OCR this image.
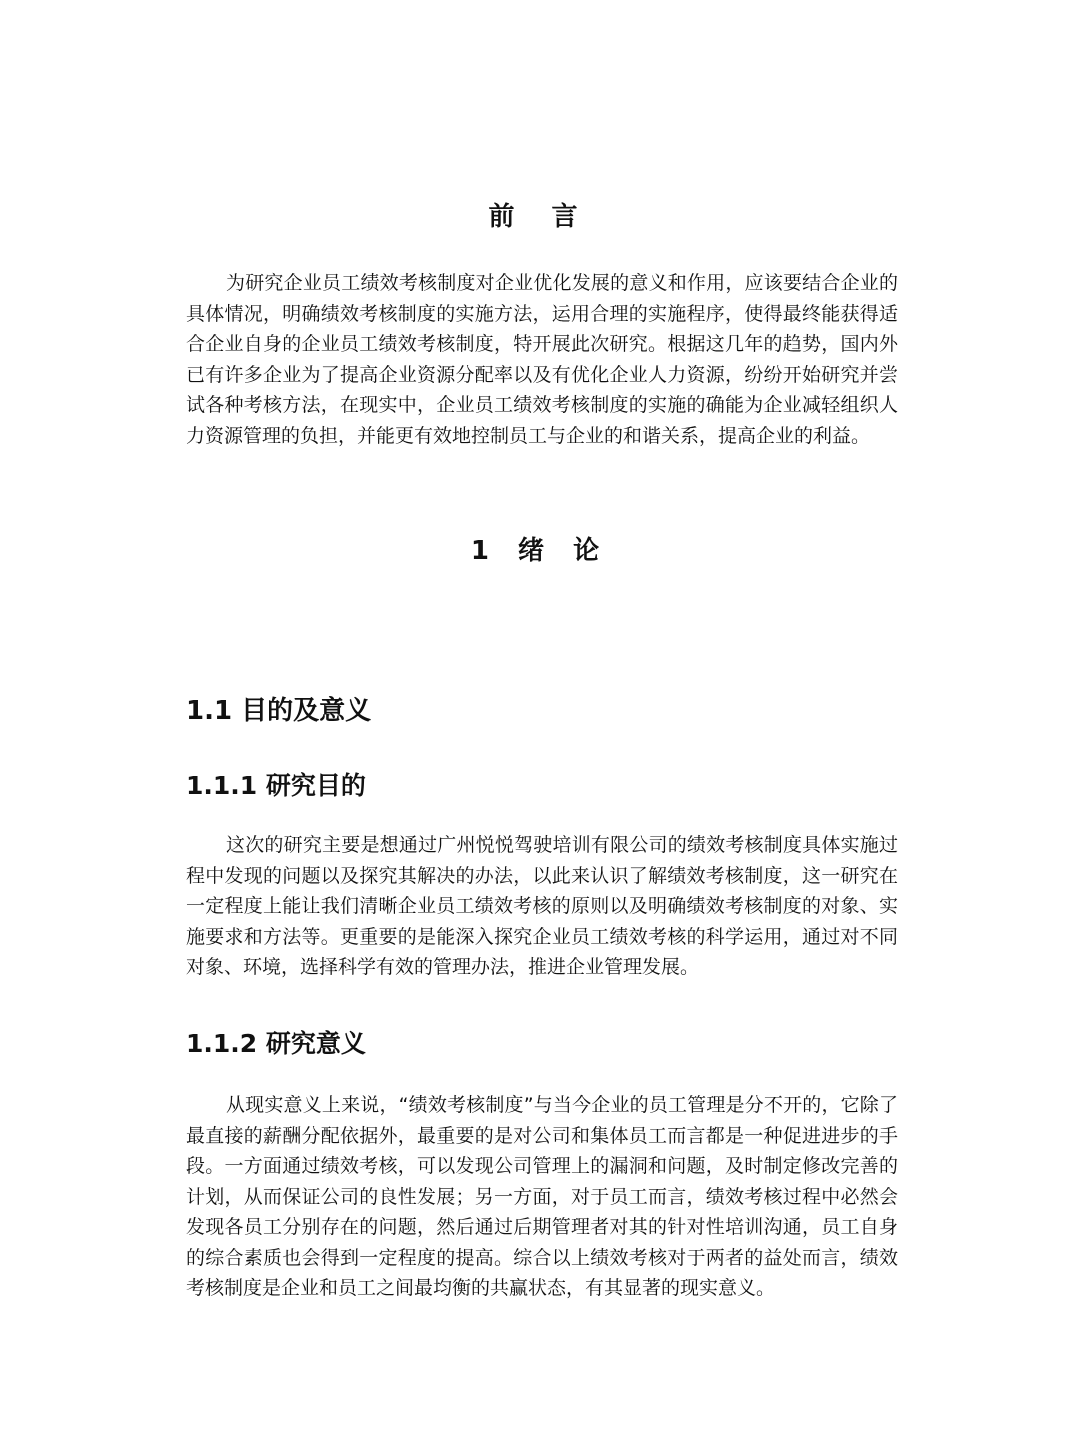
前 言

为研究企业员工绩效考核制度对企业优化发展的意义和作用，应该要结合企业的具体情况，明确绩效考核制度的实施方法，运用合理的实施程序，使得最终能获得适合企业自身的企业员工绩效考核制度，特开展此次研究。根据这几年的趋势，国内外已有许多企业为了提高企业资源分配率以及有优化企业人力资源，纷纷开始研究并尝试各种考核方法，在现实中，企业员工绩效考核制度的实施的确能为企业减轻组织人力资源管理的负担，并能更有效地控制员工与企业的和谐关系，提高企业的利益。

1 绪 论
1.1 目的及意义
1.1.1 研究目的

这次的研究主要是想通过广州悦悦驾驶培训有限公司的绩效考核制度具体实施过程中发现的问题以及探究其解决的办法，以此来认识了解绩效考核制度，这一研究在一定程度上能让我们清晰企业员工绩效考核的原则以及明确绩效考核制度的对象、实施要求和方法等。更重要的是能深入探究企业员工绩效考核的科学运用，通过对不同对象、环境，选择科学有效的管理办法，推进企业管理发展。

1.1.2 研究意义

从现实意义上来说，“绩效考核制度”与当今企业的员工管理是分不开的，它除了最直接的薪酬分配依据外，最重要的是对公司和集体员工而言都是一种促进进步的手段。一方面通过绩效考核，可以发现公司管理上的漏洞和问题，及时制定修改完善的计划，从而保证公司的良性发展；另一方面，对于员工而言，绩效考核过程中必然会发现各员工分别存在的问题，然后通过后期管理者对其的针对性培训沟通，员工自身的综合素质也会得到一定程度的提高。综合以上绩效考核对于两者的益处而言，绩效考核制度是企业和员工之间最均衡的共赢状态，有其显著的现实意义。
